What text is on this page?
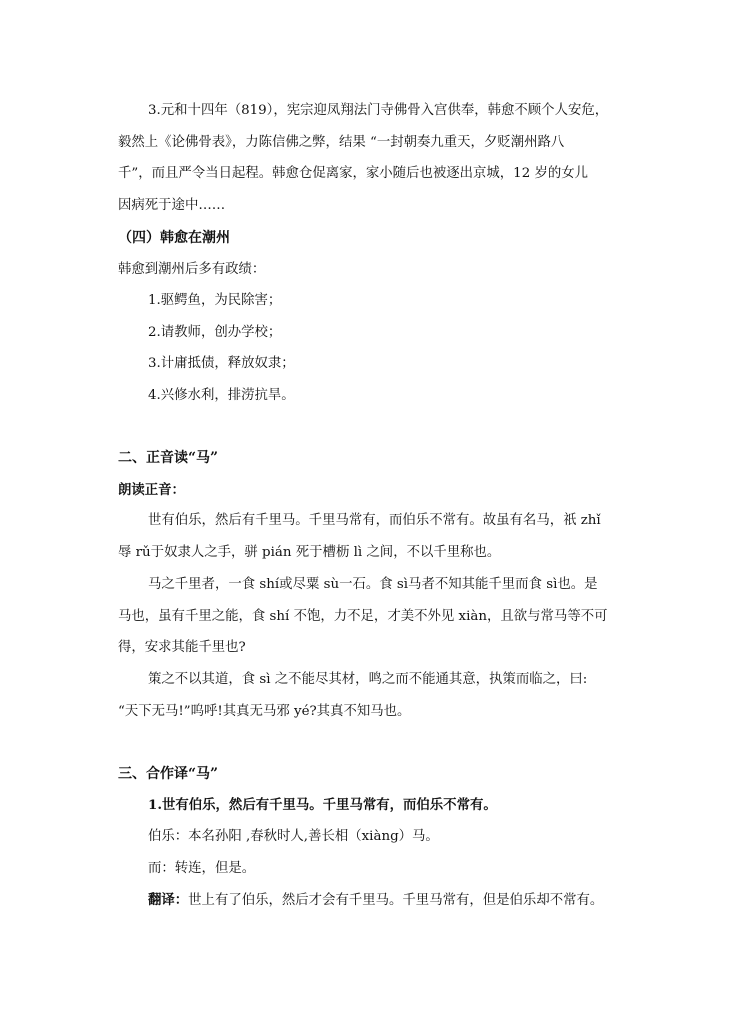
3.元和十四年（819），宪宗迎凤翔法门寺佛骨入宫供奉，韩愈不顾个人安危，
毅然上《论佛骨表》，力陈信佛之弊，结果 “一封朝奏九重天，夕贬潮州路八
千”，而且严令当日起程。韩愈仓促离家，家小随后也被逐出京城，12 岁的女儿
因病死于途中……
（四）韩愈在潮州
韩愈到潮州后多有政绩：
1.驱鳄鱼，为民除害；
2.请教师，创办学校；
3.计庸抵债，释放奴隶；
4.兴修水利，排涝抗旱。
二、正音读“马”
朗读正音：
世有伯乐，然后有千里马。千里马常有，而伯乐不常有。故虽有名马，祇 zhǐ
辱 rǔ于奴隶人之手，骈 pián 死于槽枥 lì 之间，不以千里称也。
马之千里者，一食 shí或尽粟 sù一石。食 sì马者不知其能千里而食 sì也。是
马也，虽有千里之能，食 shí 不饱，力不足，才美不外见 xiàn，且欲与常马等不可
得，安求其能千里也?
策之不以其道，食 sì 之不能尽其材，鸣之而不能通其意，执策而临之，曰:
“天下无马!”呜呼!其真无马邪 yé?其真不知马也。
三、合作译“马”
1.世有伯乐，然后有千里马。千里马常有，而伯乐不常有。
伯乐：本名孙阳 ,春秋时人,善长相（xiàng）马。
而：转连，但是。
翻译：世上有了伯乐，然后才会有千里马。千里马常有，但是伯乐却不常有。
